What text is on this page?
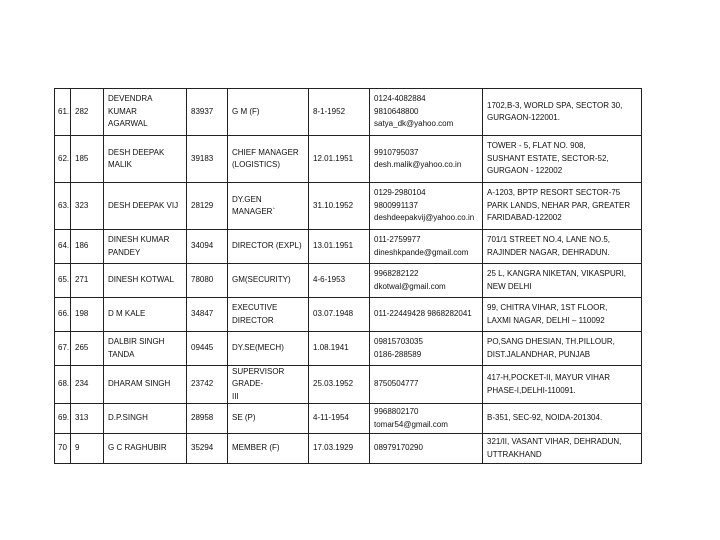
61.	282	DEVENDRA KUMAR
AGARWAL	83937	G M (F)	8-1-1952	0124-4082884
9810648800
satya_dk@yahoo.com	1702,B-3, WORLD SPA, SECTOR 30,
GURGAON-122001.

62.	185	DESH DEEPAK MALIK	39183	CHIEF MANAGER
(LOGISTICS)	12.01.1951	9910795037
desh.malik@yahoo.co.in	TOWER - 5, FLAT NO. 908,
SUSHANT ESTATE, SECTOR-52,
GURGAON - 122002

63.	323	DESH DEEPAK VIJ	28129	DY.GEN MANAGER`	31.10.1952	0129-2980104
9800991137
deshdeepakvij@yahoo.co.in	A-1203, BPTP RESORT SECTOR-75
PARK LANDS, NEHAR PAR, GREATER
FARIDABAD-122002

64.	186	DINESH KUMAR
PANDEY	34094	DIRECTOR (EXPL)	13.01.1951	011-2759977
dineshkpande@gmail.com	701/1 STREET NO.4, LANE NO.5,
RAJINDER NAGAR, DEHRADUN.

65.	271	DINESH KOTWAL	78080	GM(SECURITY)	4-6-1953	9968282122
dkotwal@gmail.com	25 L, KANGRA NIKETAN, VIKASPURI,
NEW DELHI

66.	198	D M KALE	34847	EXECUTIVE
DIRECTOR	03.07.1948	011-22449428 9868282041	99, CHITRA VIHAR, 1ST FLOOR,
LAXMI NAGAR, DELHI – 110092

67.	265	DALBIR SINGH
TANDA	09445	DY.SE(MECH)	1.08.1941	09815703035
0186-288589	PO,SANG DHESIAN, TH.PILLOUR,
DIST.JALANDHAR, PUNJAB

68.	234	DHARAM SINGH	23742	SUPERVISOR GRADE-
III	25.03.1952	8750504777	417-H,POCKET-II, MAYUR VIHAR
PHASE-I,DELHI-110091.

69.	313	D.P.SINGH	28958	SE (P)	4-11-1954	9968802170
tomar54@gmail.com	B-351, SEC-92, NOIDA-201304.

70	9	G C RAGHUBIR	35294	MEMBER (F)	17.03.1929	08979170290	321/II, VASANT VIHAR, DEHRADUN,
UTTRAKHAND
